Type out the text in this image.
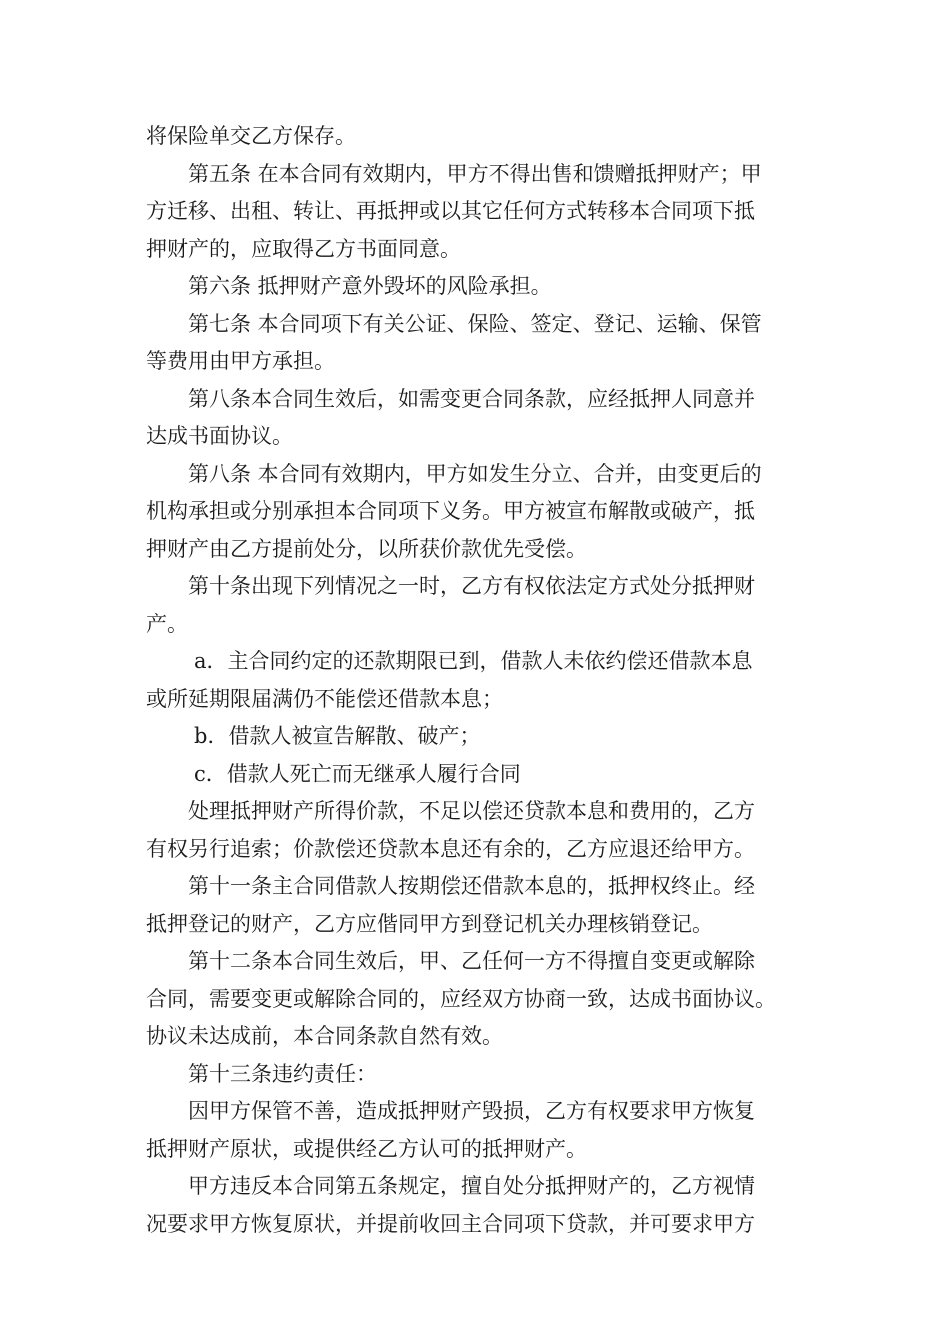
将保险单交乙方保存。

第五条 在本合同有效期内，甲方不得出售和馈赠抵押财产；甲
方迁移、出租、转让、再抵押或以其它任何方式转移本合同项下抵
押财产的，应取得乙方书面同意。

第六条 抵押财产意外毁坏的风险承担。

第七条 本合同项下有关公证、保险、签定、登记、运输、保管
等费用由甲方承担。

第八条本合同生效后，如需变更合同条款，应经抵押人同意并
达成书面协议。

第八条 本合同有效期内，甲方如发生分立、合并，由变更后的
机构承担或分别承担本合同项下义务。甲方被宣布解散或破产，抵
押财产由乙方提前处分，以所获价款优先受偿。

第十条出现下列情况之一时，乙方有权依法定方式处分抵押财
产。

a．主合同约定的还款期限已到，借款人未依约偿还借款本息
或所延期限届满仍不能偿还借款本息；

b．借款人被宣告解散、破产；

c．借款人死亡而无继承人履行合同

处理抵押财产所得价款，不足以偿还贷款本息和费用的，乙方
有权另行追索；价款偿还贷款本息还有余的，乙方应退还给甲方。

第十一条主合同借款人按期偿还借款本息的，抵押权终止。经
抵押登记的财产，乙方应偕同甲方到登记机关办理核销登记。

第十二条本合同生效后，甲、乙任何一方不得擅自变更或解除
合同，需要变更或解除合同的，应经双方协商一致，达成书面协议。
协议未达成前，本合同条款自然有效。

第十三条违约责任：

因甲方保管不善，造成抵押财产毁损，乙方有权要求甲方恢复
抵押财产原状，或提供经乙方认可的抵押财产。

甲方违反本合同第五条规定，擅自处分抵押财产的，乙方视情
况要求甲方恢复原状，并提前收回主合同项下贷款，并可要求甲方
